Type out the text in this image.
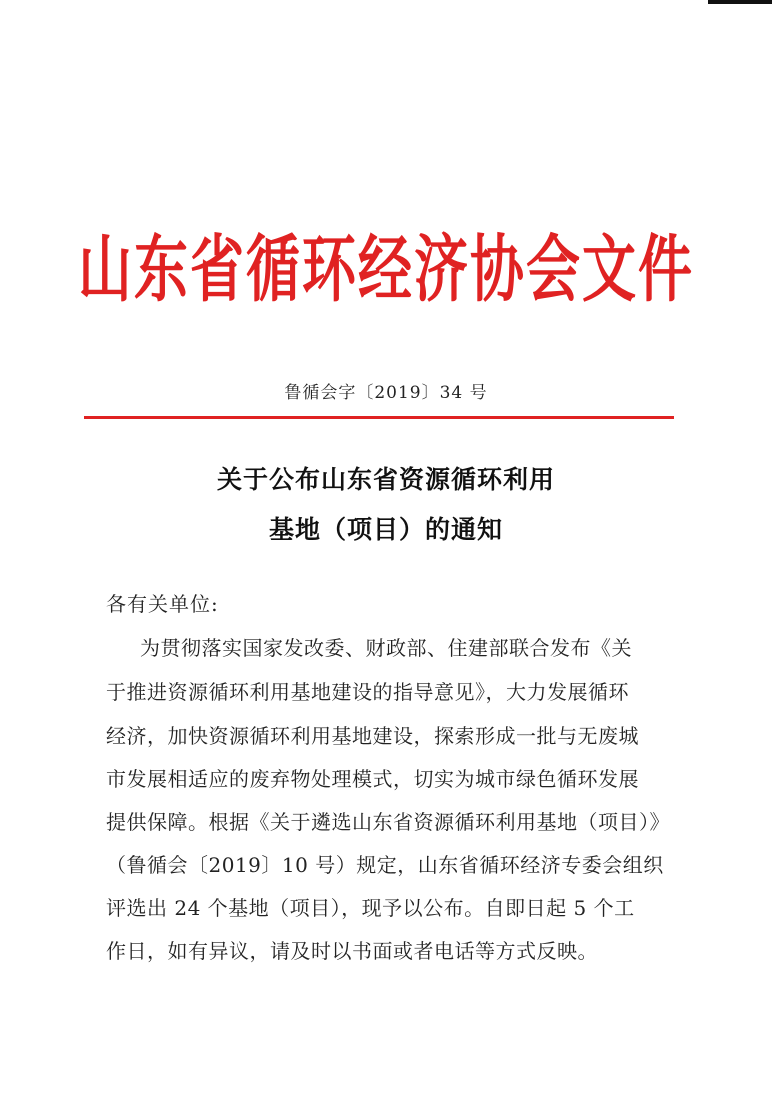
山东省循环经济协会文件
鲁循会字〔2019〕34 号
关于公布山东省资源循环利用
基地（项目）的通知
各有关单位:
为贯彻落实国家发改委、财政部、住建部联合发布《关
于推进资源循环利用基地建设的指导意见》，大力发展循环
经济，加快资源循环利用基地建设，探索形成一批与无废城
市发展相适应的废弃物处理模式，切实为城市绿色循环发展
提供保障。根据《关于遴选山东省资源循环利用基地（项目）》
（鲁循会〔2019〕10 号）规定，山东省循环经济专委会组织
评选出 24 个基地（项目），现予以公布。自即日起 5 个工
作日，如有异议，请及时以书面或者电话等方式反映。
